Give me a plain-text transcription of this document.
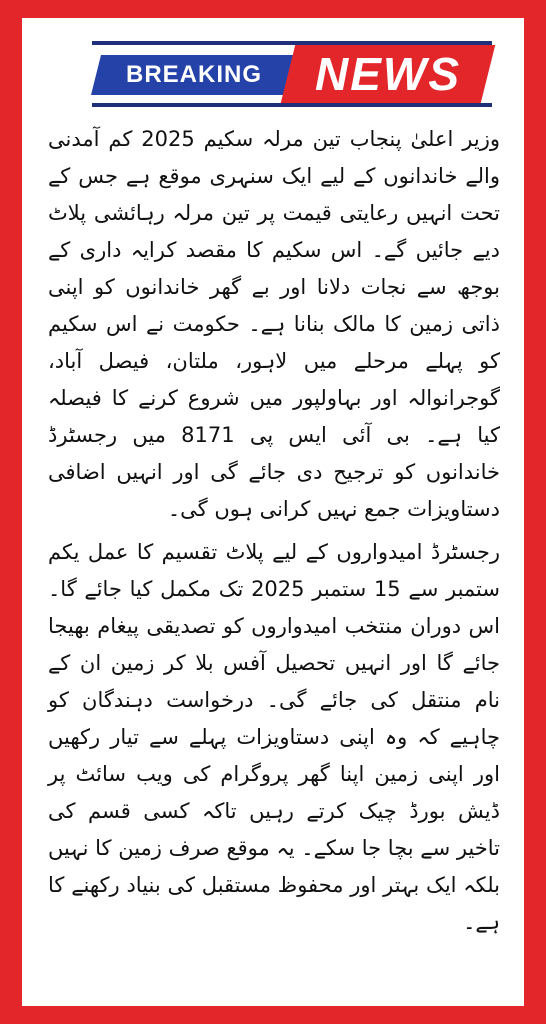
BREAKING NEWS

وزیر اعلیٰ پنجاب تین مرلہ سکیم 2025 کم آمدنی والے خاندانوں کے لیے ایک سنہری موقع ہے جس کے تحت انہیں رعایتی قیمت پر تین مرلہ رہائشی پلاٹ دیے جائیں گے۔ اس سکیم کا مقصد کرایہ داری کے بوجھ سے نجات دلانا اور بے گھر خاندانوں کو اپنی ذاتی زمین کا مالک بنانا ہے۔ حکومت نے اس سکیم کو پہلے مرحلے میں لاہور، ملتان، فیصل آباد، گوجرانوالہ اور بہاولپور میں شروع کرنے کا فیصلہ کیا ہے۔ بی آئی ایس پی 8171 میں رجسٹرڈ خاندانوں کو ترجیح دی جائے گی اور انہیں اضافی دستاویزات جمع نہیں کرانی ہوں گی۔

رجسٹرڈ امیدواروں کے لیے پلاٹ تقسیم کا عمل یکم ستمبر سے 15 ستمبر 2025 تک مکمل کیا جائے گا۔ اس دوران منتخب امیدواروں کو تصدیقی پیغام بھیجا جائے گا اور انہیں تحصیل آفس بلا کر زمین ان کے نام منتقل کی جائے گی۔ درخواست دہندگان کو چاہیے کہ وہ اپنی دستاویزات پہلے سے تیار رکھیں اور اپنی زمین اپنا گھر پروگرام کی ویب سائٹ پر ڈیش بورڈ چیک کرتے رہیں تاکہ کسی قسم کی تاخیر سے بچا جا سکے۔ یہ موقع صرف زمین کا نہیں بلکہ ایک بہتر اور محفوظ مستقبل کی بنیاد رکھنے کا ہے۔
